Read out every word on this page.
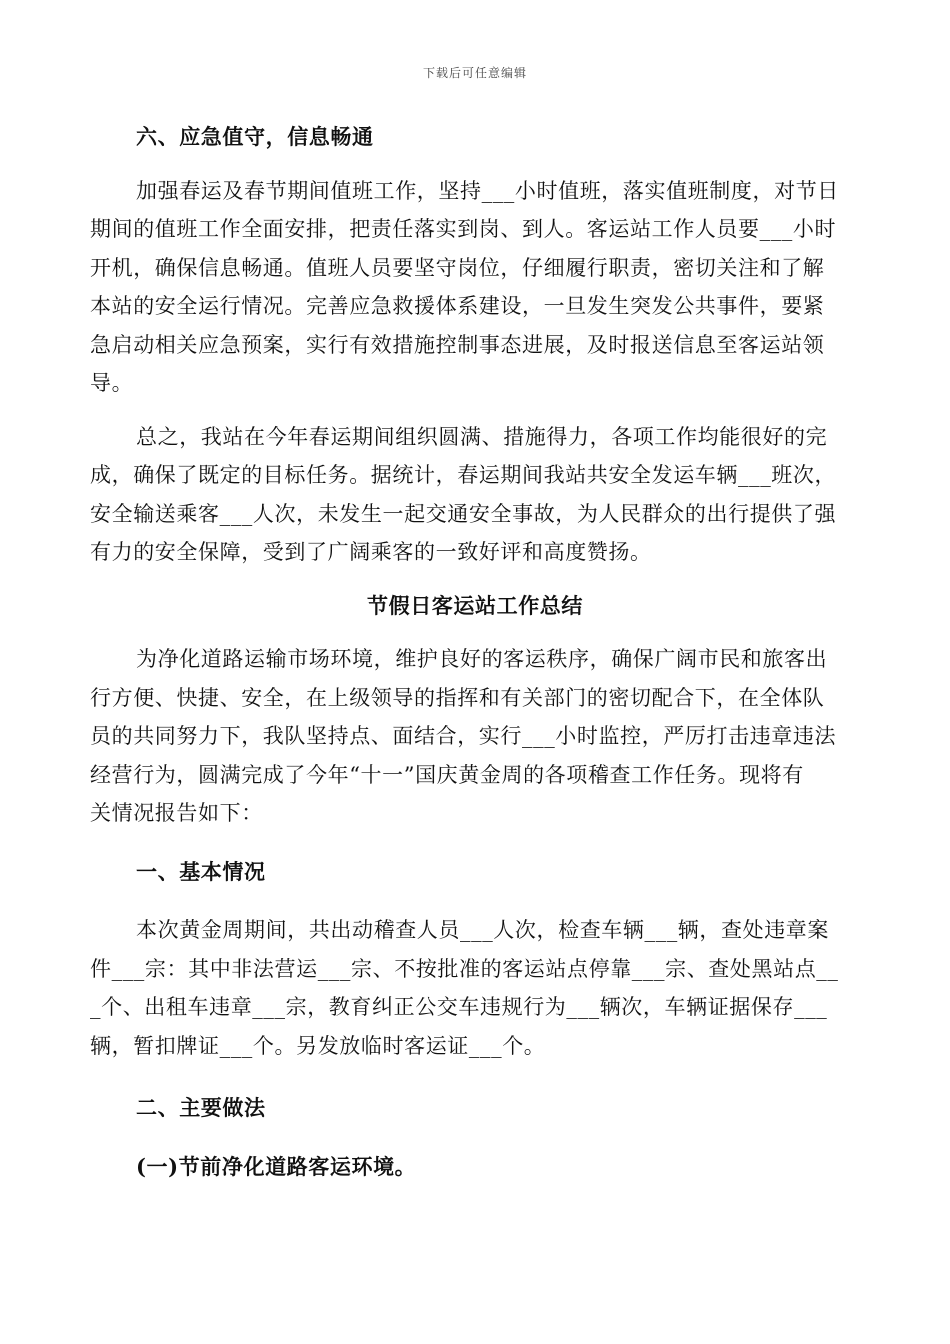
下载后可任意编辑
六、应急值守，信息畅通
加强春运及春节期间值班工作，坚持___小时值班，落实值班制度，对节日
期间的值班工作全面安排，把责任落实到岗、到人。客运站工作人员要___小时
开机，确保信息畅通。值班人员要坚守岗位，仔细履行职责，密切关注和了解
本站的安全运行情况。完善应急救援体系建设，一旦发生突发公共事件，要紧
急启动相关应急预案，实行有效措施控制事态进展，及时报送信息至客运站领
导。
总之，我站在今年春运期间组织圆满、措施得力，各项工作均能很好的完
成，确保了既定的目标任务。据统计，春运期间我站共安全发运车辆___班次，
安全输送乘客___人次，未发生一起交通安全事故，为人民群众的出行提供了强
有力的安全保障，受到了广阔乘客的一致好评和高度赞扬。
节假日客运站工作总结
为净化道路运输市场环境，维护良好的客运秩序，确保广阔市民和旅客出
行方便、快捷、安全，在上级领导的指挥和有关部门的密切配合下，在全体队
员的共同努力下，我队坚持点、面结合，实行___小时监控，严厉打击违章违法
经营行为，圆满完成了今年“十一”国庆黄金周的各项稽查工作任务。现将有
关情况报告如下：
一、基本情况
本次黄金周期间，共出动稽查人员___人次，检查车辆___辆，查处违章案
件___宗：其中非法营运___宗、不按批准的客运站点停靠___宗、查处黑站点__
_个、出租车违章___宗，教育纠正公交车违规行为___辆次，车辆证据保存___
辆，暂扣牌证___个。另发放临时客运证___个。
二、主要做法
(一)节前净化道路客运环境。
